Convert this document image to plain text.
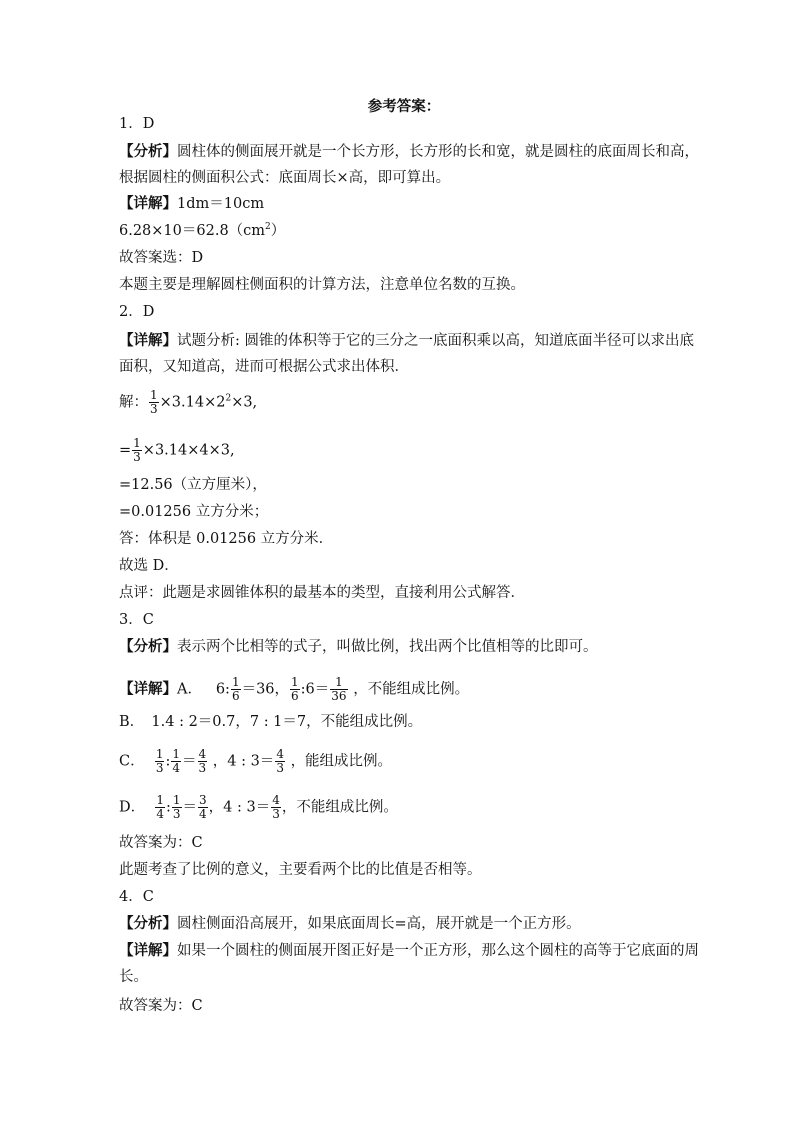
参考答案：
1．D
【分析】圆柱体的侧面展开就是一个长方形，长方形的长和宽，就是圆柱的底面周长和高，
根据圆柱的侧面积公式：底面周长×高，即可算出。
【详解】1dm＝10cm
$6.28\times 10=62.8(cm^2)$
故答案选：D
本题主要是理解圆柱侧面积的计算方法，注意单位名数的互换。
2．D
【详解】试题分析: 圆锥的体积等于它的三分之一底面积乘以高，知道底面半径可以求出底
面积，又知道高，进而可根据公式求出体积．
解： $\frac{1}{3} \times 3.14\times 2^2\times 3$,
= $\frac{1}{3} \times 3.14\times 4\times 3$,
=12.56（立方厘米），
=0.01256 立方分米；
答：体积是 0.01256 立方分米．
故选 D．
点评：此题是求圆锥体积的最基本的类型，直接利用公式解答．
3．C
【分析】表示两个比相等的式子，叫做比例，找出两个比值相等的比即可。
【详解】A． 6: $\frac{1}{6} =36$， $\frac{1}{6}$ :6＝ $\frac{1}{36}$ ，不能组成比例。
B．　1.4 : 2＝0.7，7 : 1＝7，不能组成比例。
C． $\frac{1}{3}$ : $\frac{1}{4} = \frac{4}{3}$ ，4 : $3= \frac{4}{3}$ ，能组成比例。
D． $\frac{1}{4}$ : $\frac{1}{3} = \frac{3}{4}$ ，4 : $3= \frac{4}{3}$ ，不能组成比例。
故答案为：C
此题考查了比例的意义，主要看两个比的比值是否相等。
4．C
【分析】圆柱侧面沿高展开，如果底面周长=高，展开就是一个正方形。
【详解】如果一个圆柱的侧面展开图正好是一个正方形，那么这个圆柱的高等于它底面的周
长。
故答案为：C
